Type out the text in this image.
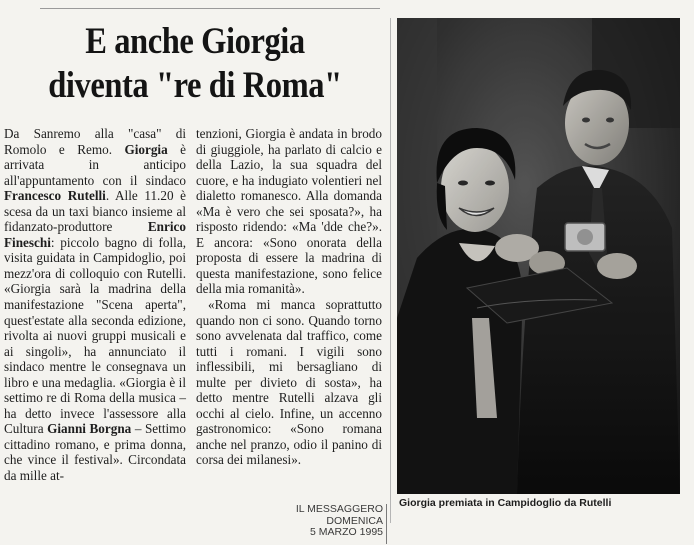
E anche Giorgia
diventa "re di Roma"

Da Sanremo alla "casa" di Romolo e Remo. Giorgia è arrivata in anticipo all'appuntamento con il sindaco Francesco Rutelli. Alle 11.20 è scesa da un taxi bianco insieme al fidanzato-produttore Enrico Fineschi: piccolo bagno di folla, visita guidata in Campidoglio, poi mezz'ora di colloquio con Rutelli. «Giorgia sarà la madrina della manifestazione "Scena aperta", quest'estate alla seconda edizione, rivolta ai nuovi gruppi musicali e ai singoli», ha annunciato il sindaco mentre le consegnava un libro e una medaglia. «Giorgia è il settimo re di Roma della musica – ha detto invece l'assessore alla Cultura Gianni Borgna – Settimo cittadino romano, e prima donna, che vince il festival». Circondata da mille at-

tenzioni, Giorgia è andata in brodo di giuggiole, ha parlato di calcio e della Lazio, la sua squadra del cuore, e ha indugiato volentieri nel dialetto romanesco. Alla domanda «Ma è vero che sei sposata?», ha risposto ridendo: «Ma 'dde che?». E ancora: «Sono onorata della proposta di essere la madrina di questa manifestazione, sono felice della mia romanità».

«Roma mi manca soprattutto quando non ci sono. Quando torno sono avvelenata dal traffico, come tutti i romani. I vigili sono inflessibili, mi bersagliano di multe per divieto di sosta», ha detto mentre Rutelli alzava gli occhi al cielo. Infine, un accenno gastronomico: «Sono romana anche nel pranzo, odio il panino di corsa dei milanesi».

Giorgia premiata in Campidoglio da Rutelli
IL MESSAGGERO
DOMENICA
5 MARZO 1995
